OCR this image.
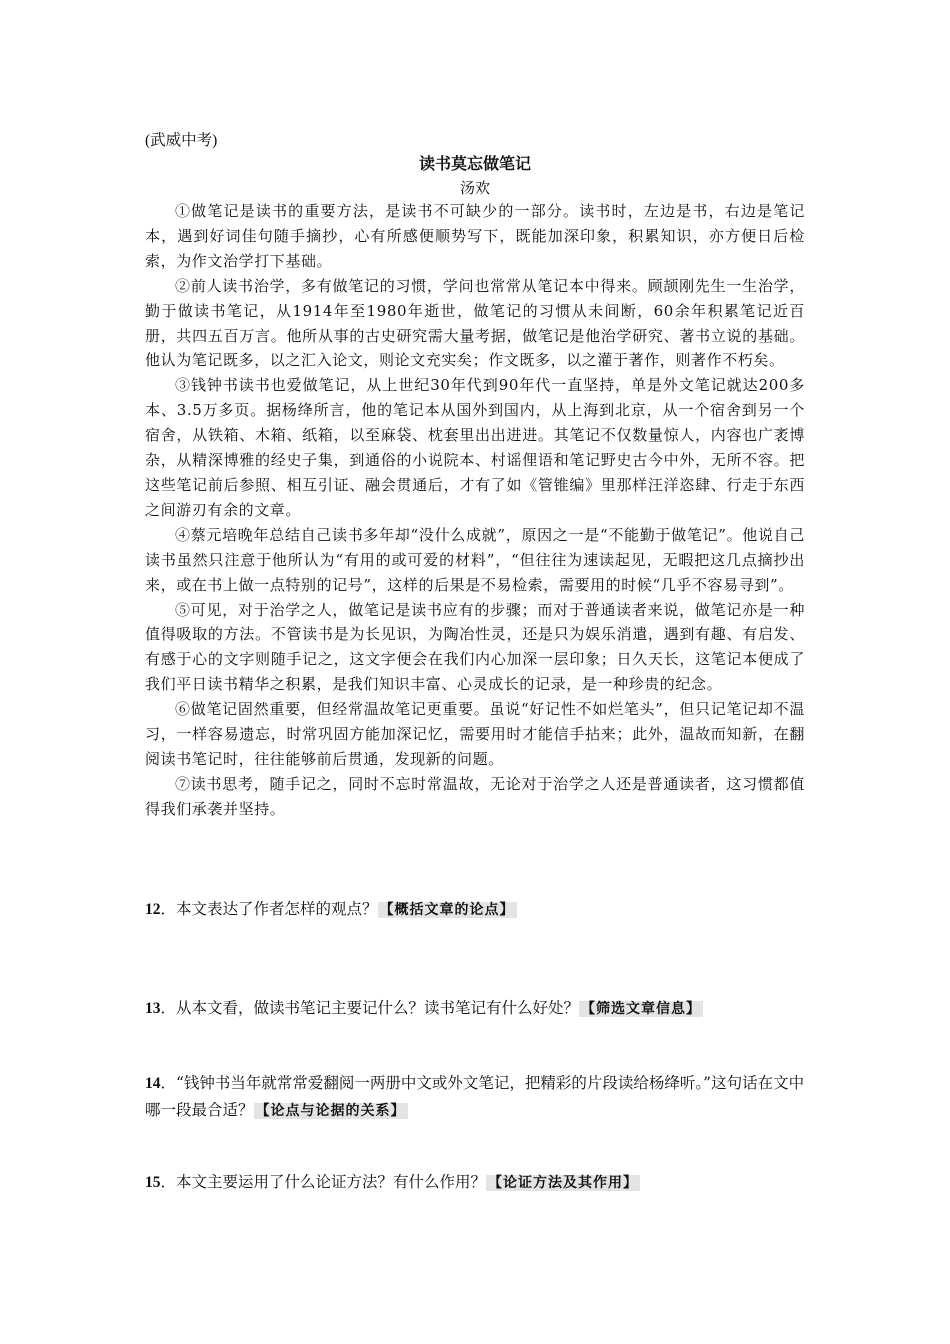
(武威中考)
读书莫忘做笔记
汤欢

①做笔记是读书的重要方法，是读书不可缺少的一部分。读书时，左边是书，右边是笔记本，遇到好词佳句随手摘抄，心有所感便顺势写下，既能加深印象，积累知识，亦方便日后检索，为作文治学打下基础。

②前人读书治学，多有做笔记的习惯，学问也常常从笔记本中得来。顾颉刚先生一生治学，勤于做读书笔记，从1914年至1980年逝世，做笔记的习惯从未间断，60余年积累笔记近百册，共四五百万言。他所从事的古史研究需大量考据，做笔记是他治学研究、著书立说的基础。他认为笔记既多，以之汇入论文，则论文充实矣；作文既多，以之灌于著作，则著作不朽矣。

③钱钟书读书也爱做笔记，从上世纪30年代到90年代一直坚持，单是外文笔记就达200多本、3.5万多页。据杨绛所言，他的笔记本从国外到国内，从上海到北京，从一个宿舍到另一个宿舍，从铁箱、木箱、纸箱，以至麻袋、枕套里出出进进。其笔记不仅数量惊人，内容也广袤博杂，从精深博雅的经史子集，到通俗的小说院本、村谣俚语和笔记野史古今中外，无所不容。把这些笔记前后参照、相互引证、融会贯通后，才有了如《管锥编》里那样汪洋恣肆、行走于东西之间游刃有余的文章。

④蔡元培晚年总结自己读书多年却“没什么成就”，原因之一是“不能勤于做笔记”。他说自己读书虽然只注意于他所认为“有用的或可爱的材料”，“但往往为速读起见，无暇把这几点摘抄出来，或在书上做一点特别的记号”，这样的后果是不易检索，需要用的时候“几乎不容易寻到”。

⑤可见，对于治学之人，做笔记是读书应有的步骤；而对于普通读者来说，做笔记亦是一种值得吸取的方法。不管读书是为长见识，为陶冶性灵，还是只为娱乐消遣，遇到有趣、有启发、有感于心的文字则随手记之，这文字便会在我们内心加深一层印象；日久天长，这笔记本便成了我们平日读书精华之积累，是我们知识丰富、心灵成长的记录，是一种珍贵的纪念。

⑥做笔记固然重要，但经常温故笔记更重要。虽说“好记性不如烂笔头”，但只记笔记却不温习，一样容易遗忘，时常巩固方能加深记忆，需要用时才能信手拈来；此外，温故而知新，在翻阅读书笔记时，往往能够前后贯通，发现新的问题。

⑦读书思考，随手记之，同时不忘时常温故，无论对于治学之人还是普通读者，这习惯都值得我们承袭并坚持。

12．本文表达了作者怎样的观点？ 【概括文章的论点】
13．从本文看，做读书笔记主要记什么？读书笔记有什么好处？ 【筛选文章信息】
14．“钱钟书当年就常常爱翻阅一两册中文或外文笔记，把精彩的片段读给杨绛听。”这句话在文中哪一段最合适？ 【论点与论据的关系】
15．本文主要运用了什么论证方法？有什么作用？ 【论证方法及其作用】
